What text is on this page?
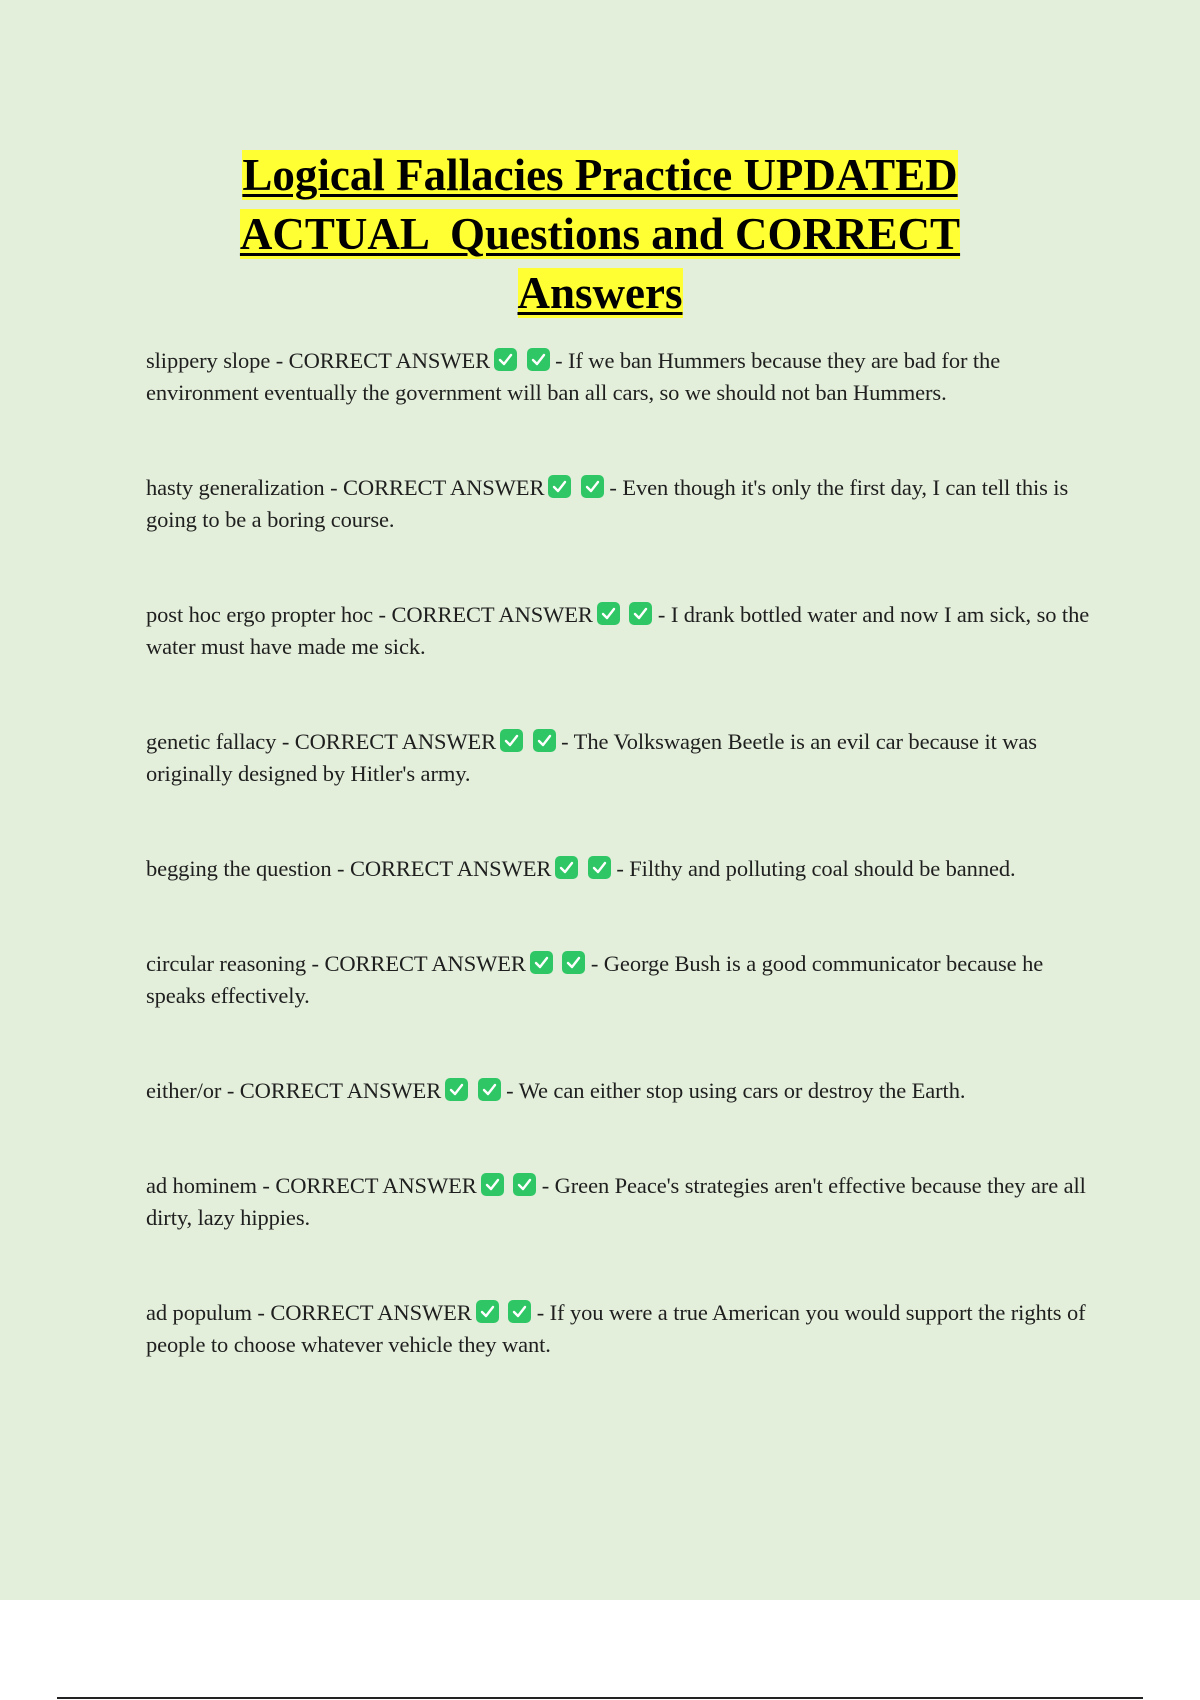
Logical Fallacies Practice UPDATED
ACTUAL  Questions and CORRECT
Answers

slippery slope - CORRECT ANSWER
	- If we ban Hummers because they are bad for the environment eventually the government will ban all cars, so we should not ban Hummers.

hasty generalization - CORRECT ANSWER
	- Even though it's only the first day, I can tell this is going to be a boring course.

post hoc ergo propter hoc - CORRECT ANSWER
	- I drank bottled water and now I am sick, so the water must have made me sick.

genetic fallacy - CORRECT ANSWER
	- The Volkswagen Beetle is an evil car because it was originally designed by Hitler's army.

begging the question - CORRECT ANSWER
	- Filthy and polluting coal should be banned.

circular reasoning - CORRECT ANSWER
	- George Bush is a good communicator because he speaks effectively.

either/or - CORRECT ANSWER
	- We can either stop using cars or destroy the Earth.

ad hominem - CORRECT ANSWER
	- Green Peace's strategies aren't effective because they are all dirty, lazy hippies.

ad populum - CORRECT ANSWER
	- If you were a true American you would support the rights of people to choose whatever vehicle they want.
